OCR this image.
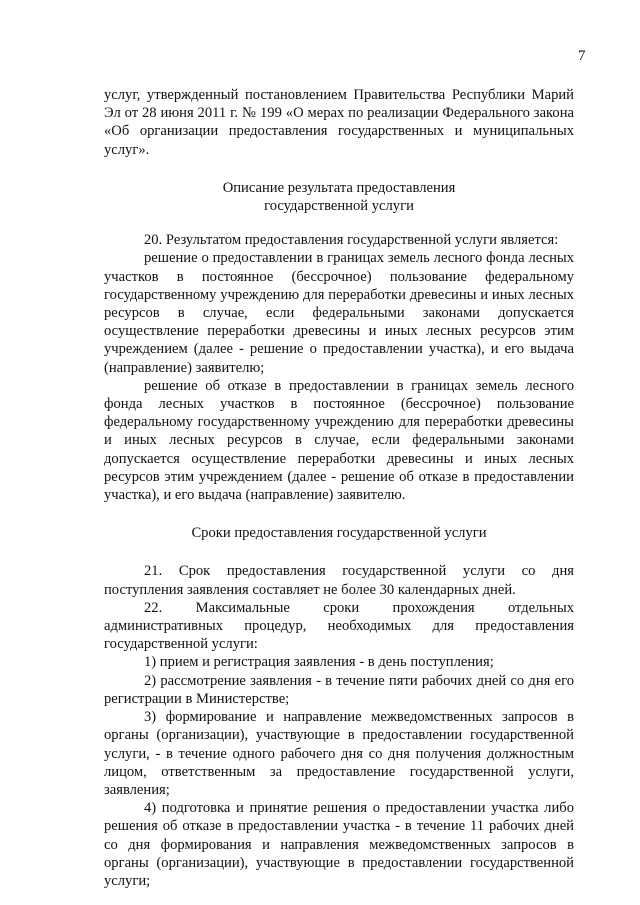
7

услуг, утвержденный постановлением Правительства Республики Марий Эл от 28 июня 2011 г. № 199 «О мерах по реализации Федерального закона «Об организации предоставления государственных и муниципальных услуг».

Описание результата предоставления

государственной услуги

20. Результатом предоставления государственной услуги является:

решение о предоставлении в границах земель лесного фонда лесных участков в постоянное (бессрочное) пользование федеральному государственному учреждению для переработки древесины и иных лесных ресурсов в случае, если федеральными законами допускается осуществление переработки древесины и иных лесных ресурсов этим учреждением (далее - решение о предоставлении участка), и его выдача (направление) заявителю;

решение об отказе в предоставлении в границах земель лесного фонда лесных участков в постоянное (бессрочное) пользование федеральному государственному учреждению для переработки древесины и иных лесных ресурсов в случае, если федеральными законами допускается осуществление переработки древесины и иных лесных ресурсов этим учреждением (далее - решение об отказе в предоставлении участка), и его выдача (направление) заявителю.

Сроки предоставления государственной услуги

21. Срок предоставления государственной услуги со дня поступления заявления составляет не более 30 календарных дней.

22. Максимальные сроки прохождения отдельных административных процедур, необходимых для предоставления государственной услуги:

1) прием и регистрация заявления - в день поступления;

2) рассмотрение заявления - в течение пяти рабочих дней со дня его регистрации в Министерстве;

3) формирование и направление межведомственных запросов в органы (организации), участвующие в предоставлении государственной услуги, - в течение одного рабочего дня со дня получения должностным лицом, ответственным за предоставление государственной услуги, заявления;

4) подготовка и принятие решения о предоставлении участка либо решения об отказе в предоставлении участка - в течение 11 рабочих дней со дня формирования и направления межведомственных запросов в органы (организации), участвующие в предоставлении государственной услуги;
